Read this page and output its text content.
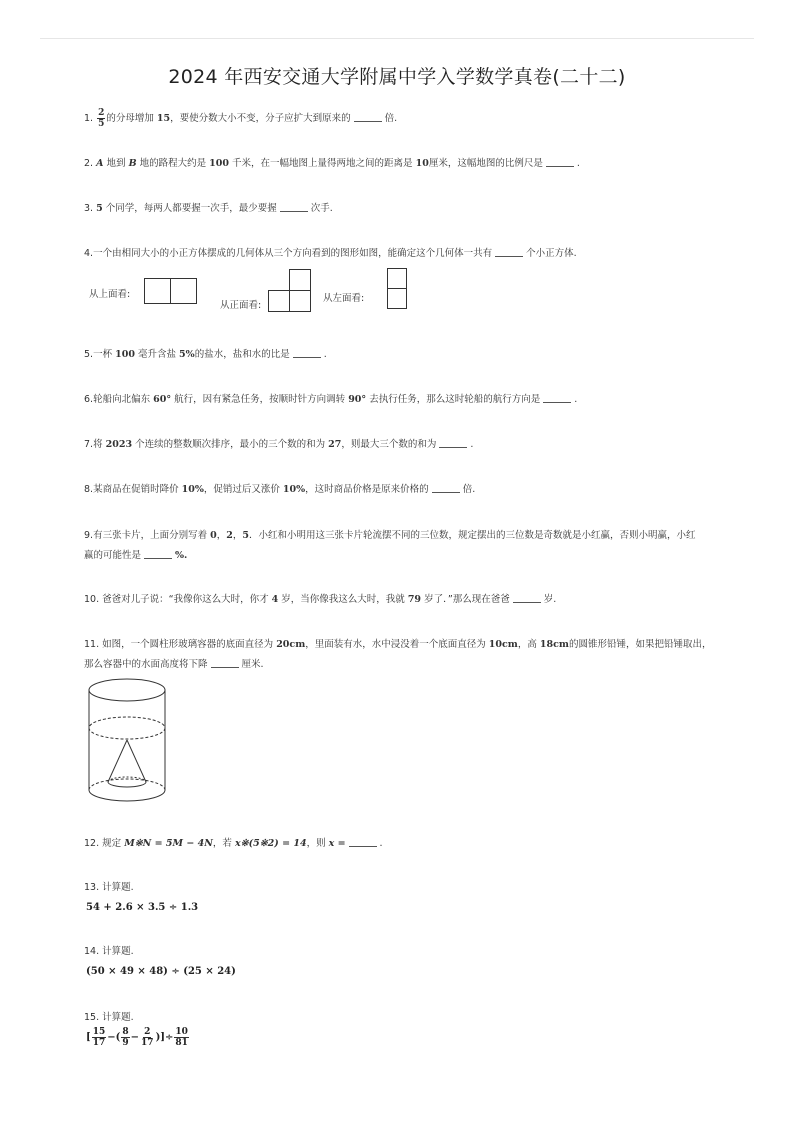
2024 年西安交通大学附属中学入学数学真卷(二十二)
1. $\frac{2}{5}$ 的分母增加 15，要使分数大小不变，分子应扩大到原来的	倍.
2. A 地到 B 地的路程大约是 100 千米，在一幅地图上量得两地之间的距离是 10厘米，这幅地图的比例尺是	.
3. 5 个同学，每两人都要握一次手，最少要握	次手.
4.一个由相同大小的小正方体摆成的几何体从三个方向看到的图形如图，能确定这个几何体一共有	个小正方体.
从上面看:
从正面看:
从左面看:
5.一杯 100 毫升含盐 5%的盐水，盐和水的比是	.
6.轮船向北偏东 60° 航行，因有紧急任务，按顺时针方向调转 90° 去执行任务，那么这时轮船的航行方向是	.
7.将 2023 个连续的整数顺次排序，最小的三个数的和为 27，则最大三个数的和为	.
8.某商品在促销时降价 10%，促销过后又涨价 10%，这时商品价格是原来价格的	倍.
9.有三张卡片，上面分别写着 0，2，5．小红和小明用这三张卡片轮流摆不同的三位数，规定摆出的三位数是奇数就是小红赢，否则小明赢，小红
赢的可能性是	%.
10. 爸爸对儿子说：“我像你这么大时，你才 4 岁，当你像我这么大时，我就 79 岁了．”那么现在爸爸	岁.
11. 如图，一个圆柱形玻璃容器的底面直径为 20cm，里面装有水，水中浸没着一个底面直径为 10cm，高 18cm的圆锥形铅锤，如果把铅锤取出，
那么容器中的水面高度将下降	厘米.
12. 规定 M※N = 5M − 4N，若 x※(5※2) = 14，则 x =	.
13. 计算题.
54 + 2.6 × 3.5 ÷ 1.3
14. 计算题.
(50 × 49 × 48) ÷ (25 × 24)
15. 计算题.
[ $\frac{15}{17}$ −( $\frac{8}{9} - \frac{2}{17}$ )]÷ $\frac{10}{81}$
